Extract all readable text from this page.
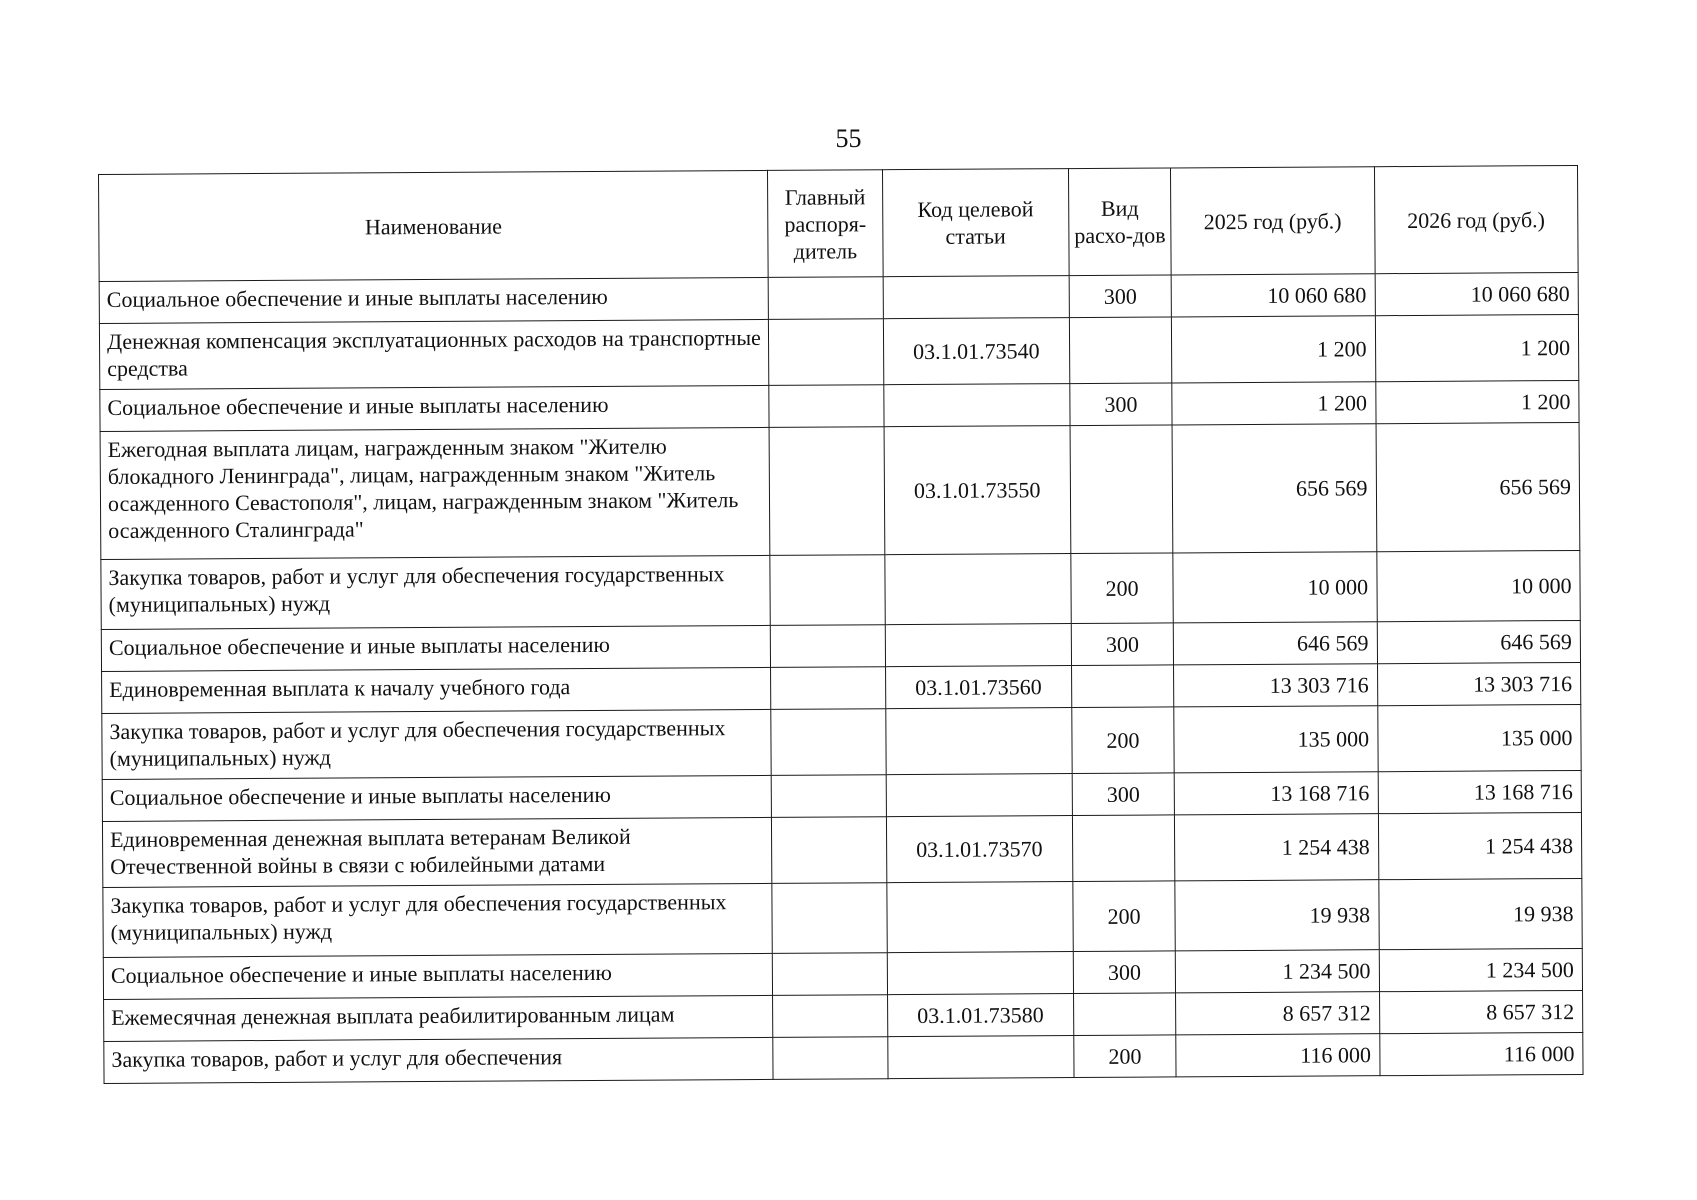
55
Наименование	Главный распоря-дитель	Код целевой статьи	Вид расхо-дов	2025 год (руб.)	2026 год (руб.)
Социальное обеспечение и иные выплаты населению			300	10 060 680	10 060 680
Денежная компенсация эксплуатационных расходов на транспортные средства		03.1.01.73540		1 200	1 200
Социальное обеспечение и иные выплаты населению			300	1 200	1 200
Ежегодная выплата лицам, награжденным знаком "Жителю блокадного Ленинграда", лицам, награжденным знаком "Житель осажденного Севастополя", лицам, награжденным знаком "Житель осажденного Сталинграда"		03.1.01.73550		656 569	656 569
Закупка товаров, работ и услуг для обеспечения государственных (муниципальных) нужд			200	10 000	10 000
Социальное обеспечение и иные выплаты населению			300	646 569	646 569
Единовременная выплата к началу учебного года		03.1.01.73560		13 303 716	13 303 716
Закупка товаров, работ и услуг для обеспечения государственных (муниципальных) нужд			200	135 000	135 000
Социальное обеспечение и иные выплаты населению			300	13 168 716	13 168 716
Единовременная денежная выплата ветеранам Великой Отечественной войны в связи с юбилейными датами		03.1.01.73570		1 254 438	1 254 438
Закупка товаров, работ и услуг для обеспечения государственных (муниципальных) нужд			200	19 938	19 938
Социальное обеспечение и иные выплаты населению			300	1 234 500	1 234 500
Ежемесячная денежная выплата реабилитированным лицам		03.1.01.73580		8 657 312	8 657 312
Закупка товаров, работ и услуг для обеспечения			200	116 000	116 000
